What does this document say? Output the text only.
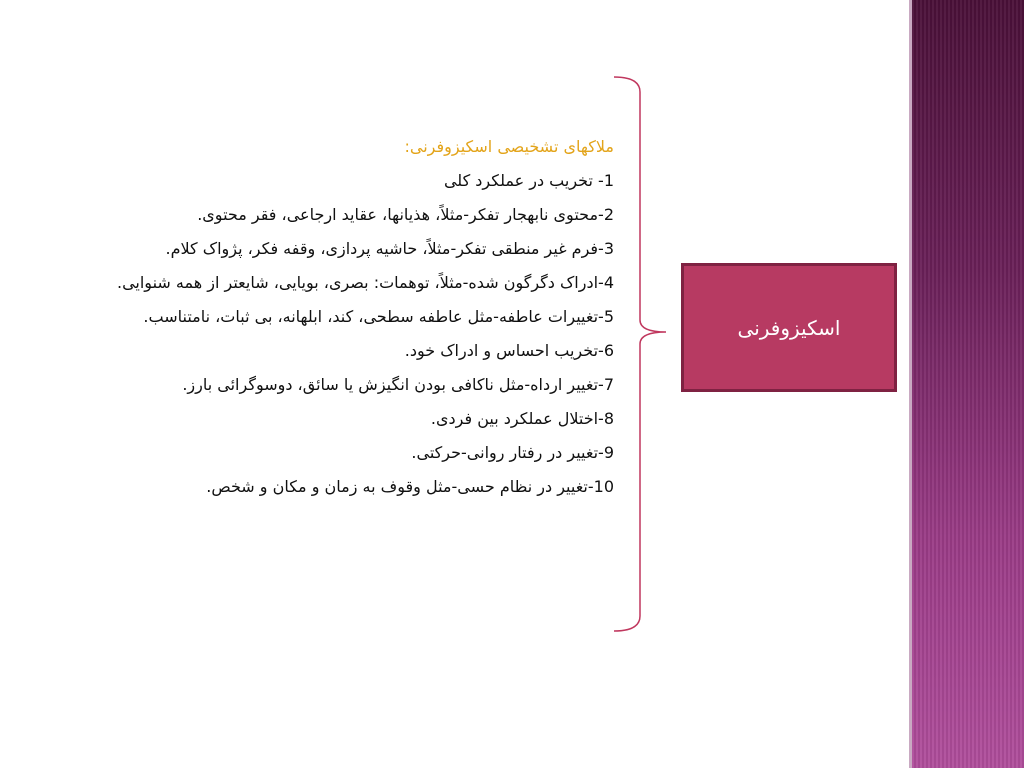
ملاکهای تشخیصی اسکیزوفرنی:

1- تخریب در عملکرد کلی

2-محتوی نابهجار تفکر-مثلاً، هذیانها، عقاید ارجاعی، فقر محتوی.

3-فرم غیر منطقی تفکر-مثلاً، حاشیه پردازی، وقفه فکر، پژواک کلام.

4-ادراک دگرگون شده-مثلاً، توهمات: بصری، بویایی، شایعتر از همه شنوایی.

5-تغییرات عاطفه-مثل عاطفه سطحی، کند، ابلهانه، بی ثبات، نامتناسب.

6-تخریب احساس و ادراک خود.

7-تغییر ارداه-مثل ناکافی بودن انگیزش یا سائق، دوسوگرائی بارز.

8-اختلال عملکرد بین فردی.

9-تغییر در رفتار روانی-حرکتی.

10-تغییر در نظام حسی-مثل وقوف به زمان و مکان و شخص.

اسکیزوفرنی
